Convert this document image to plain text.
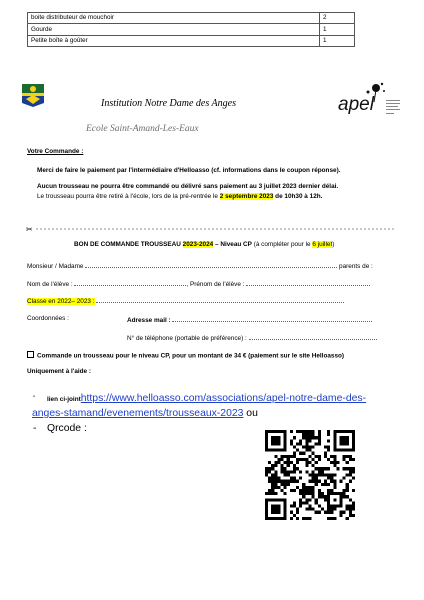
boite distributeur de mouchoir	2
Gourde	1
Petite boîte à goûter	1
Institution Notre Dame des Anges
Ecole Saint-Amand-Les-Eaux
apel
Votre Commande :
Merci de faire le paiement par l'intermédiaire d'Helloasso (cf. informations dans le coupon réponse).
Aucun trousseau ne pourra être commandé ou délivré sans paiement au 3 juillet 2023 dernier délai.
Le trousseau pourra être retiré à l'école, lors de la pré-rentrée le 2 septembre 2023 de 10h30 à 12h.
✂
BON DE COMMANDE TROUSSEAU 2023-2024 – Niveau CP (à compléter pour le 6 juillet)
Monsieur / Madame	parents de :
Nom de l'élève :	, Prénom de l'élève :
Classe en 2022– 2023 :
Coordonnées :	Adresse mail :
N° de téléphone (portable de préférence) :
Commande un trousseau pour le niveau CP, pour un montant de 34 € (paiement sur le site Helloasso)
Uniquement à l'aide :
- lien ci-jointhttps://www.helloasso.com/associations/apel-notre-dame-des-
anges-stamand/evenements/trousseaux-2023 ou
- Qrcode :
